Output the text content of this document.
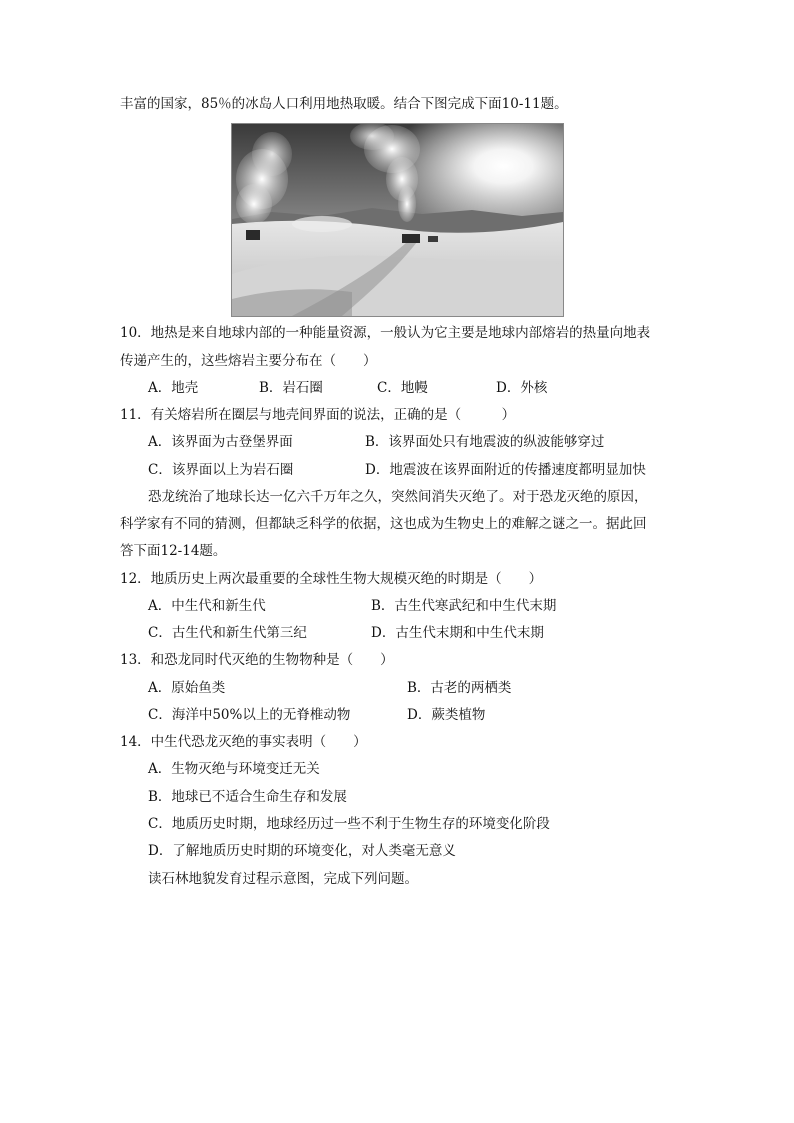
丰富的国家，85％的冰岛人口利用地热取暖。结合下图完成下面10-11题。
10．地热是来自地球内部的一种能量资源，一般认为它主要是地球内部熔岩的热量向地表
传递产生的，这些熔岩主要分布在（　　）
A．地壳	B．岩石圈	C．地幔	D．外核
11．有关熔岩所在圈层与地壳间界面的说法，正确的是（　　　）
A．该界面为古登堡界面	B．该界面处只有地震波的纵波能够穿过
C．该界面以上为岩石圈	D．地震波在该界面附近的传播速度都明显加快
恐龙统治了地球长达一亿六千万年之久，突然间消失灭绝了。对于恐龙灭绝的原因，
科学家有不同的猜测，但都缺乏科学的依据，这也成为生物史上的难解之谜之一。据此回
答下面12-14题。
12．地质历史上两次最重要的全球性生物大规模灭绝的时期是（　　）
A．中生代和新生代	B．古生代寒武纪和中生代末期
C．古生代和新生代第三纪	D．古生代末期和中生代末期
13．和恐龙同时代灭绝的生物物种是（　　）
A．原始鱼类	B．古老的两栖类
C．海洋中50%以上的无脊椎动物	D．蕨类植物
14．中生代恐龙灭绝的事实表明（　　）
A．生物灭绝与环境变迁无关
B．地球已不适合生命生存和发展
C．地质历史时期，地球经历过一些不利于生物生存的环境变化阶段
D．了解地质历史时期的环境变化，对人类毫无意义
读石林地貌发育过程示意图，完成下列问题。
